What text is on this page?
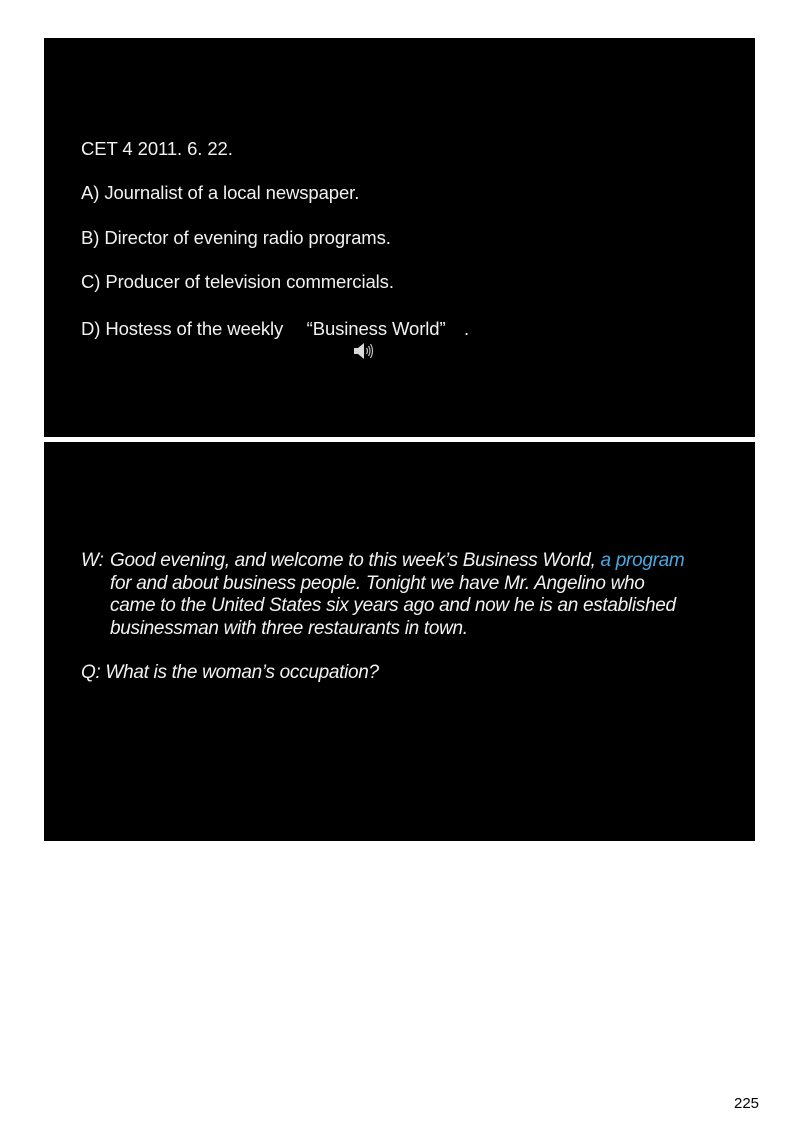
CET 4 2011. 6. 22.
A) Journalist of a local newspaper.
B) Director of evening radio programs.
C) Producer of television commercials.
D) Hostess of the weekly 　“Business World”　.
W: Good evening, and welcome to this week’s Business World, a program
for and about business people. Tonight we have Mr. Angelino who
came to the United States six years ago and now he is an established
businessman with three restaurants in town.
Q: What is the woman’s occupation?
225
